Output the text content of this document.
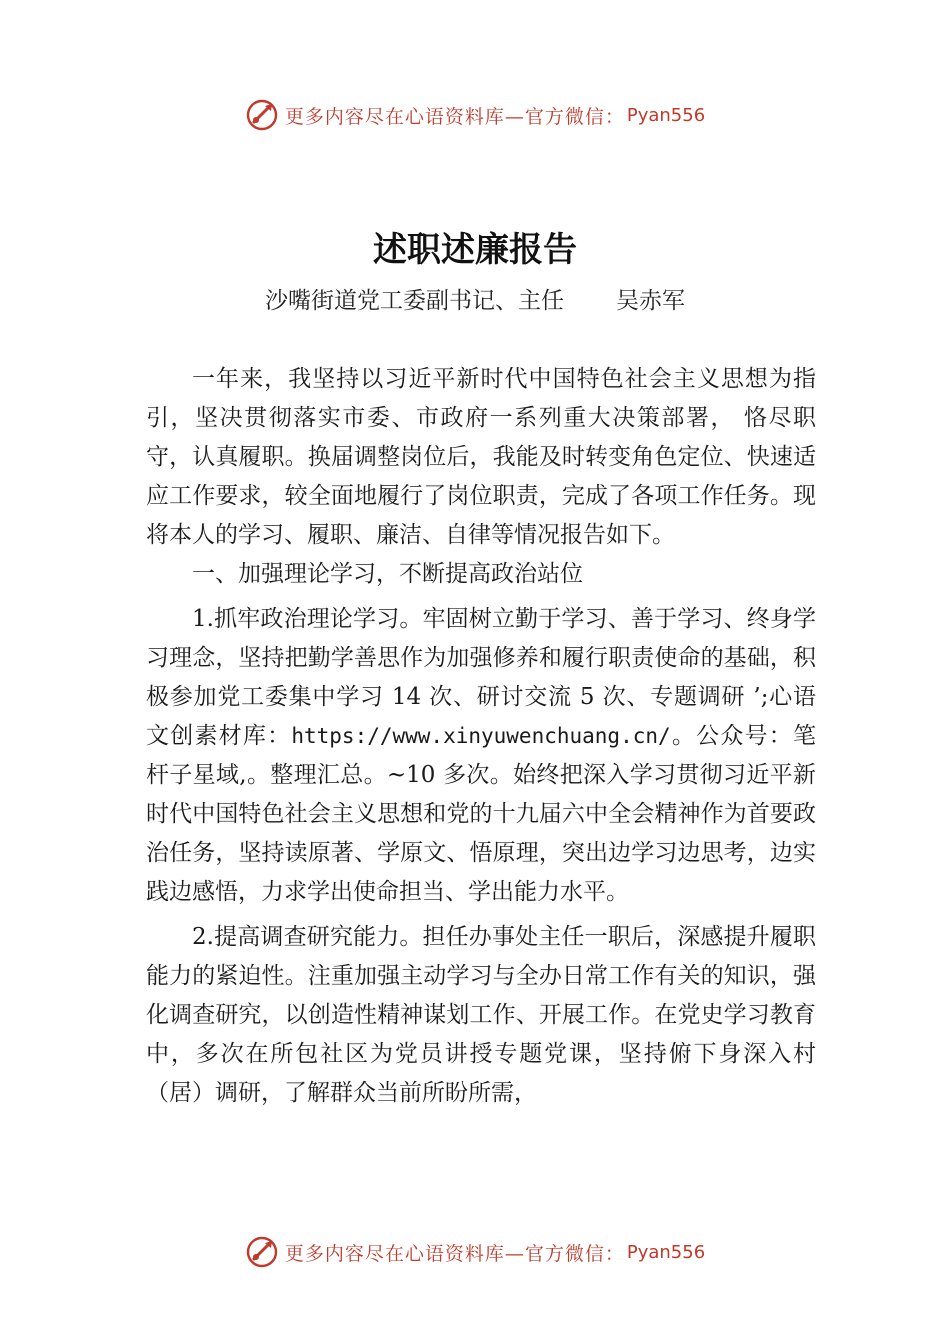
更多内容尽在心语资料库—官方微信： Pyan556
述职述廉报告
沙嘴街道党工委副书记、主任 吴赤军

一年来，我坚持以习近平新时代中国特色社会主义思想为指引，坚决贯彻落实市委、市政府一系列重大决策部署， 恪尽职守，认真履职。换届调整岗位后，我能及时转变角色定位、快速适应工作要求，较全面地履行了岗位职责，完成了各项工作任务。现将本人的学习、履职、廉洁、自律等情况报告如下。

一、加强理论学习，不断提高政治站位

1.抓牢政治理论学习。牢固树立勤于学习、善于学习、终身学习理念，坚持把勤学善思作为加强修养和履行职责使命的基础，积极参加党工委集中学习 14 次、研讨交流 5 次、专题调研 ’;心语文创素材库：https://www.xinyuwenchuang.cn/。公众号：笔杆子星域,。整理汇总。~10 多次。始终把深入学习贯彻习近平新时代中国特色社会主义思想和党的十九届六中全会精神作为首要政治任务，坚持读原著、学原文、悟原理，突出边学习边思考，边实践边感悟，力求学出使命担当、学出能力水平。

2.提高调查研究能力。担任办事处主任一职后，深感提升履职能力的紧迫性。注重加强主动学习与全办日常工作有关的知识，强化调查研究，以创造性精神谋划工作、开展工作。在党史学习教育中，多次在所包社区为党员讲授专题党课，坚持俯下身深入村（居）调研，了解群众当前所盼所需，

更多内容尽在心语资料库—官方微信： Pyan556
